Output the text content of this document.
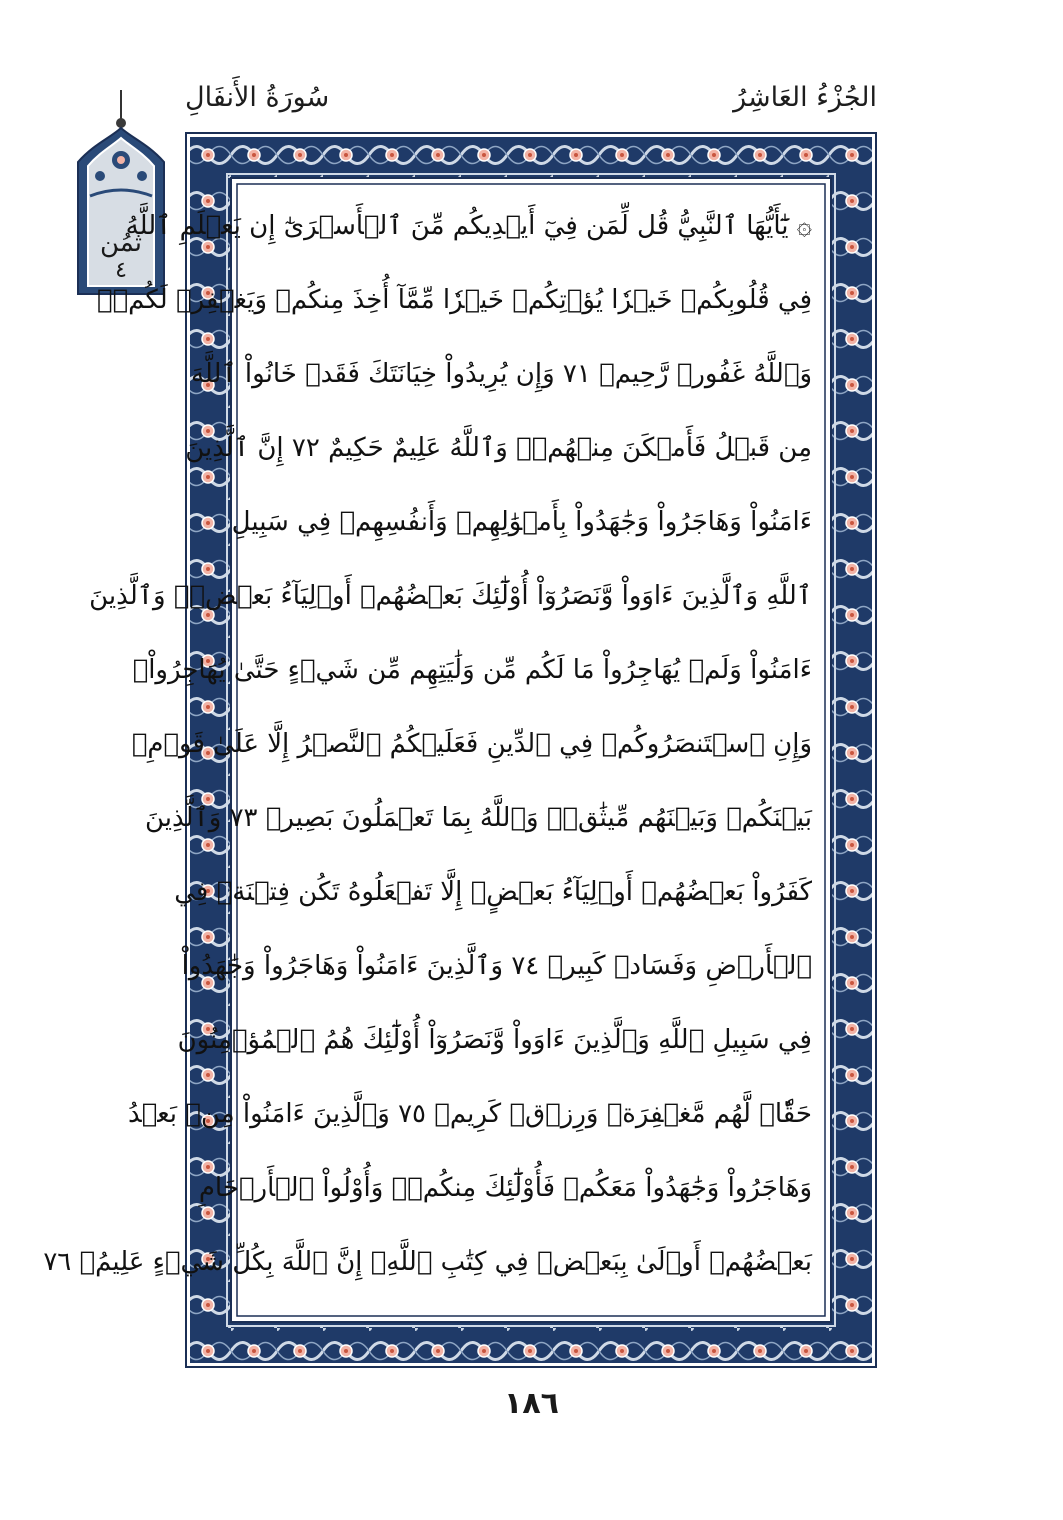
الجُزْءُ العَاشِرُ
سُورَةُ الأَنفَالِ
ثمُن
٤
۞ يَٰٓأَيُّهَا ٱلنَّبِيُّ قُل لِّمَن فِيٓ أَيۡدِيكُم مِّنَ ٱلۡأَسۡرَىٰٓ إِن يَعۡلَمِ ٱللَّهُ
فِي قُلُوبِكُمۡ خَيۡرٗا يُؤۡتِكُمۡ خَيۡرٗا مِّمَّآ أُخِذَ مِنكُمۡ وَيَغۡفِرۡ لَكُمۡۚ
وَٱللَّهُ غَفُورٞ رَّحِيمٞ ٧١ وَإِن يُرِيدُواْ خِيَانَتَكَ فَقَدۡ خَانُواْ ٱللَّهَ
مِن قَبۡلُ فَأَمۡكَنَ مِنۡهُمۡۗ وَٱللَّهُ عَلِيمٌ حَكِيمٌ ٧٢ إِنَّ ٱلَّذِينَ
ءَامَنُواْ وَهَاجَرُواْ وَجَٰهَدُواْ بِأَمۡوَٰلِهِمۡ وَأَنفُسِهِمۡ فِي سَبِيلِ
ٱللَّهِ وَٱلَّذِينَ ءَاوَواْ وَّنَصَرُوٓاْ أُوْلَٰٓئِكَ بَعۡضُهُمۡ أَوۡلِيَآءُ بَعۡضٖۚ وَٱلَّذِينَ
ءَامَنُواْ وَلَمۡ يُهَاجِرُواْ مَا لَكُم مِّن وَلَٰيَتِهِم مِّن شَيۡءٍ حَتَّىٰ يُهَاجِرُواْۚ
وَإِنِ ٱسۡتَنصَرُوكُمۡ فِي ٱلدِّينِ فَعَلَيۡكُمُ ٱلنَّصۡرُ إِلَّا عَلَىٰ قَوۡمِۭ
بَيۡنَكُمۡ وَبَيۡنَهُم مِّيثَٰقٞۗ وَٱللَّهُ بِمَا تَعۡمَلُونَ بَصِيرٞ ٧٣ وَٱلَّذِينَ
كَفَرُواْ بَعۡضُهُمۡ أَوۡلِيَآءُ بَعۡضٍۚ إِلَّا تَفۡعَلُوهُ تَكُن فِتۡنَةٞ فِي
ٱلۡأَرۡضِ وَفَسَادٞ كَبِيرٞ ٧٤ وَٱلَّذِينَ ءَامَنُواْ وَهَاجَرُواْ وَجَٰهَدُواْ
فِي سَبِيلِ ٱللَّهِ وَٱلَّذِينَ ءَاوَواْ وَّنَصَرُوٓاْ أُوْلَٰٓئِكَ هُمُ ٱلۡمُؤۡمِنُونَ
حَقّٗاۚ لَّهُم مَّغۡفِرَةٞ وَرِزۡقٞ كَرِيمٞ ٧٥ وَٱلَّذِينَ ءَامَنُواْ مِنۢ بَعۡدُ
وَهَاجَرُواْ وَجَٰهَدُواْ مَعَكُمۡ فَأُوْلَٰٓئِكَ مِنكُمۡۚ وَأُوْلُواْ ٱلۡأَرۡحَامِ
بَعۡضُهُمۡ أَوۡلَىٰ بِبَعۡضٖ فِي كِتَٰبِ ٱللَّهِۚ إِنَّ ٱللَّهَ بِكُلِّ شَيۡءٍ عَلِيمُۢ ٧٦
١٨٦
